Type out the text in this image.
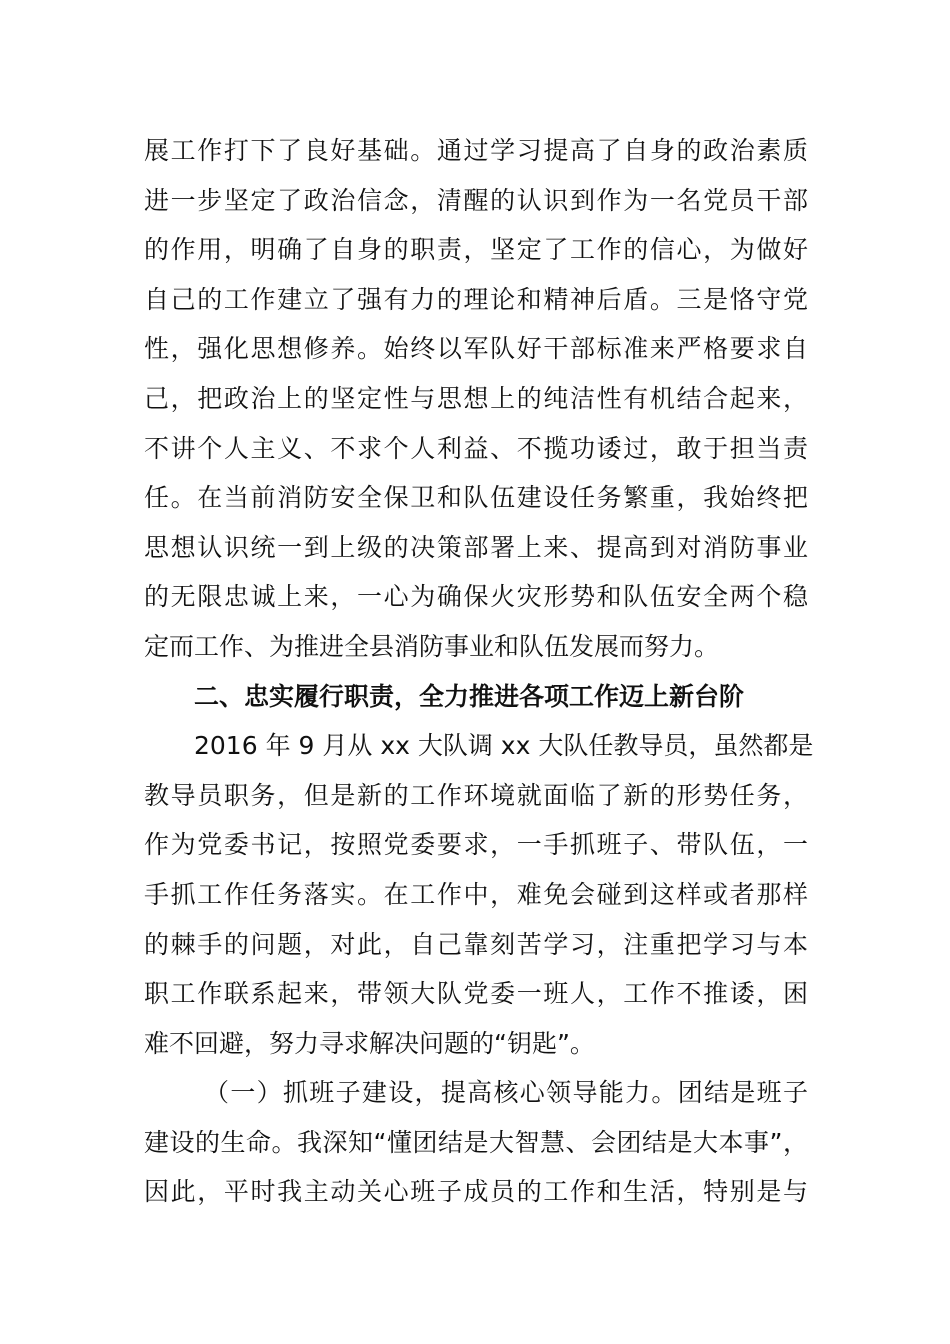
展工作打下了良好基础。通过学习提高了自身的政治素质
进一步坚定了政治信念，清醒的认识到作为一名党员干部
的作用，明确了自身的职责，坚定了工作的信心，为做好
自己的工作建立了强有力的理论和精神后盾。三是恪守党
性，强化思想修养。始终以军队好干部标准来严格要求自
己，把政治上的坚定性与思想上的纯洁性有机结合起来，
不讲个人主义、不求个人利益、不揽功诿过，敢于担当责
任。在当前消防安全保卫和队伍建设任务繁重，我始终把
思想认识统一到上级的决策部署上来、提高到对消防事业
的无限忠诚上来，一心为确保火灾形势和队伍安全两个稳
定而工作、为推进全县消防事业和队伍发展而努力。
二、忠实履行职责，全力推进各项工作迈上新台阶
2016 年 9 月从 xx 大队调 xx 大队任教导员，虽然都是
教导员职务，但是新的工作环境就面临了新的形势任务，
作为党委书记，按照党委要求，一手抓班子、带队伍，一
手抓工作任务落实。在工作中，难免会碰到这样或者那样
的棘手的问题，对此，自己靠刻苦学习，注重把学习与本
职工作联系起来，带领大队党委一班人，工作不推诿，困
难不回避，努力寻求解决问题的“钥匙”。
（一）抓班子建设，提高核心领导能力。团结是班子
建设的生命。我深知“懂团结是大智慧、会团结是大本事”，
因此，平时我主动关心班子成员的工作和生活，特别是与
